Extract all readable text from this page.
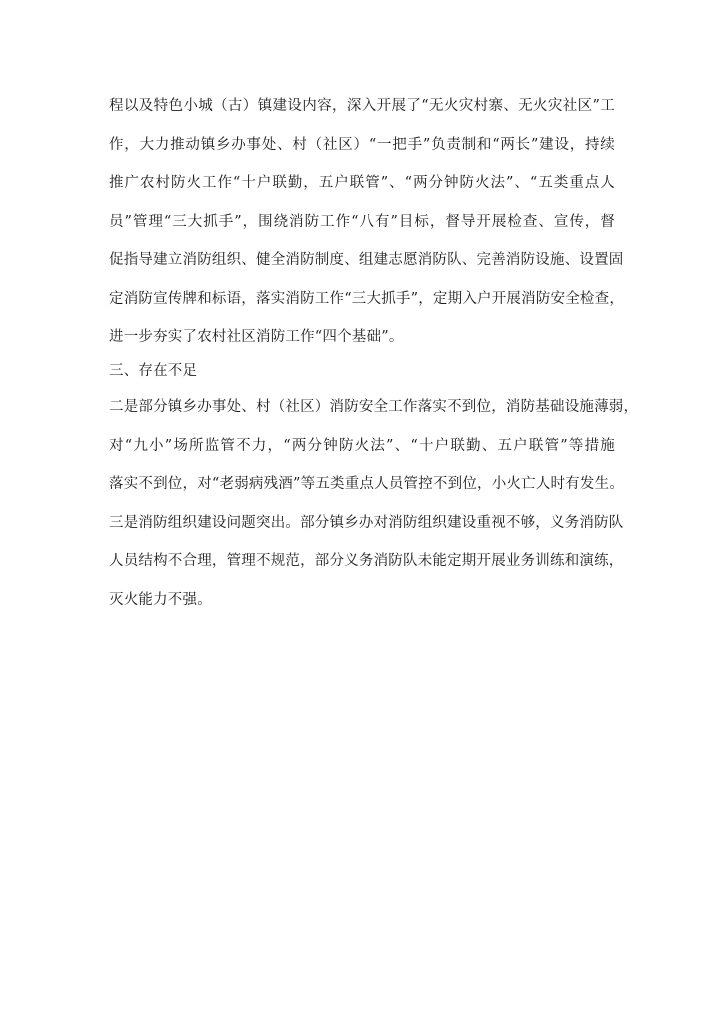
程以及特色小城（古）镇建设内容，深入开展了“无火灾村寨、无火灾社区”工
作，大力推动镇乡办事处、村（社区）“一把手”负责制和“两长”建设，持续
推广农村防火工作“十户联勤，五户联管”、“两分钟防火法”、“五类重点人
员”管理“三大抓手”，围绕消防工作“八有”目标，督导开展检查、宣传，督
促指导建立消防组织、健全消防制度、组建志愿消防队、完善消防设施、设置固
定消防宣传牌和标语，落实消防工作“三大抓手”，定期入户开展消防安全检查，
进一步夯实了农村社区消防工作“四个基础”。
三、存在不足
二是部分镇乡办事处、村（社区）消防安全工作落实不到位，消防基础设施薄弱，
对“九小”场所监管不力，“两分钟防火法”、“十户联勤、五户联管”等措施
落实不到位，对“老弱病残酒”等五类重点人员管控不到位，小火亡人时有发生。
三是消防组织建设问题突出。部分镇乡办对消防组织建设重视不够，义务消防队
人员结构不合理，管理不规范，部分义务消防队未能定期开展业务训练和演练，
灭火能力不强。
